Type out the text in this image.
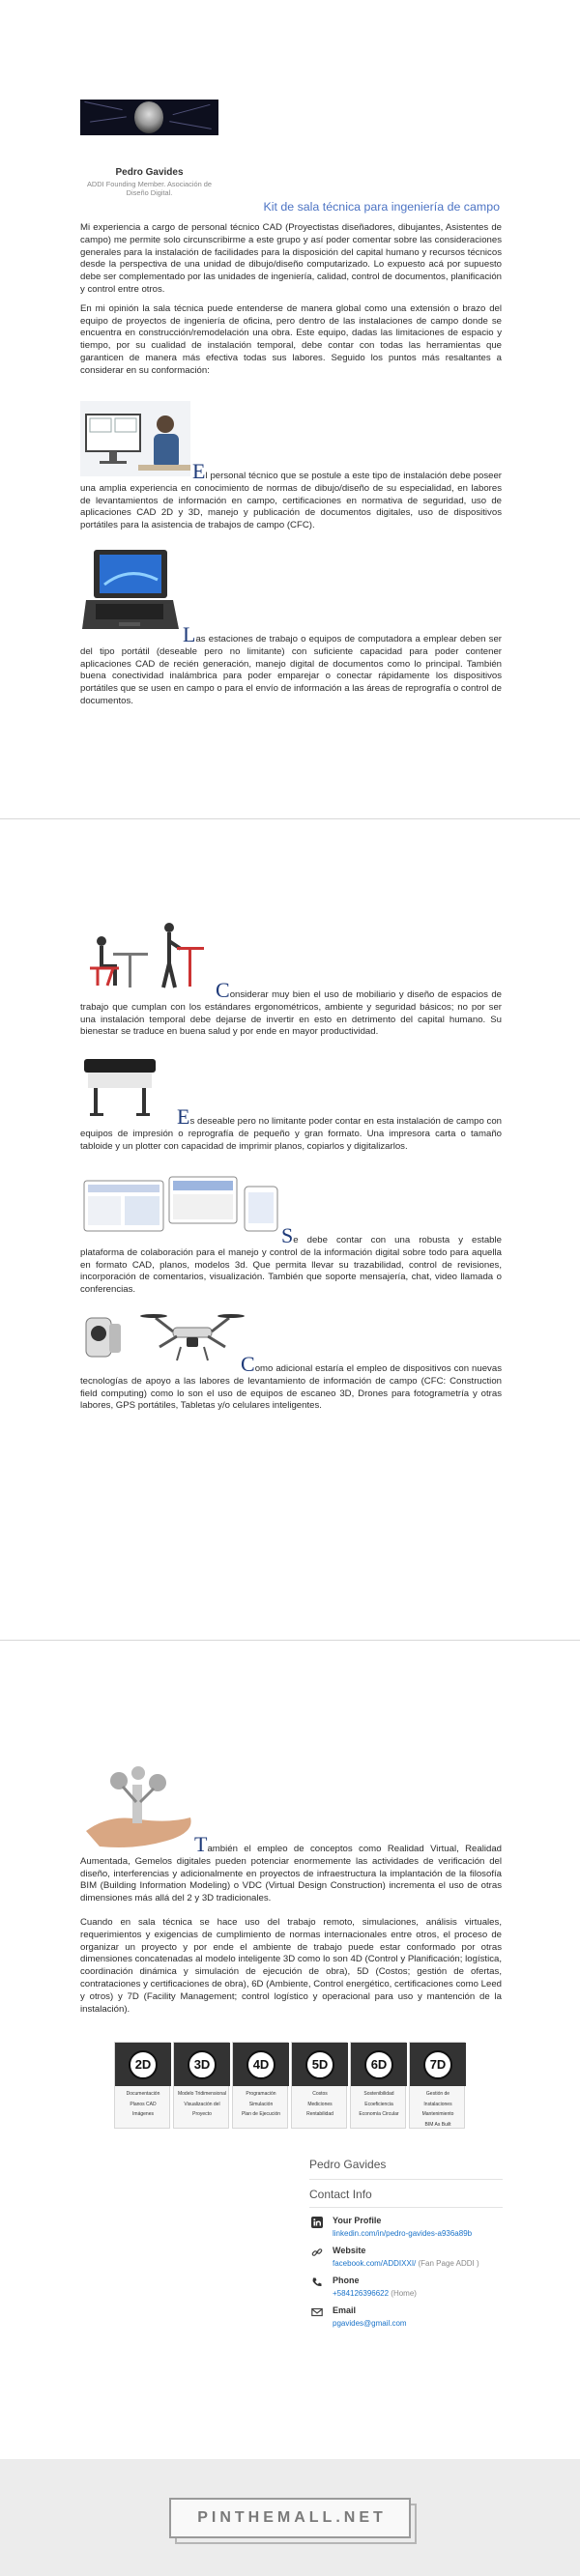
Pedro Gavides
ADDI Founding Member. Asociación de Diseño Digital.
Kit de sala técnica para ingeniería de campo

Mi experiencia a cargo de personal técnico CAD (Proyectistas diseñadores, dibujantes, Asistentes de campo) me permite solo circunscribirme a este grupo y así poder comentar sobre las consideraciones generales para la instalación de facilidades para la disposición del capital humano y recursos técnicos desde la perspectiva de una unidad de dibujo/diseño computarizado. Lo expuesto acá por supuesto debe ser complementado por las unidades de ingeniería, calidad, control de documentos, planificación y control entre otros.

En mi opinión la sala técnica puede entenderse de manera global como una extensión o brazo del equipo de proyectos de ingeniería de oficina, pero dentro de las instalaciones de campo donde se encuentra en construcción/remodelación una obra. Este equipo, dadas las limitaciones de espacio y tiempo, por su cualidad de instalación temporal, debe contar con todas las herramientas que garanticen de manera más efectiva todas sus labores. Seguido los puntos más resaltantes a considerar en su conformación:

El personal técnico que se postule a este tipo de instalación debe poseer una amplia experiencia en conocimiento de normas de dibujo/diseño de su especialidad, en labores de levantamientos de información en campo, certificaciones en normativa de seguridad, uso de aplicaciones CAD 2D y 3D, manejo y publicación de documentos digitales, uso de dispositivos portátiles para la asistencia de trabajos de campo (CFC).

Las estaciones de trabajo o equipos de computadora a emplear deben ser del tipo portátil (deseable pero no limitante) con suficiente capacidad para poder contener aplicaciones CAD de recién generación, manejo digital de documentos como lo principal. También buena conectividad inalámbrica para poder emparejar o conectar rápidamente los dispositivos portátiles que se usen en campo o para el envío de información a las áreas de reprografía o control de documentos.

Considerar muy bien el uso de mobiliario y diseño de espacios de trabajo que cumplan con los estándares ergonométricos, ambiente y seguridad básicos; no por ser una instalación temporal debe dejarse de invertir en esto en detrimento del capital humano. Su bienestar se traduce en buena salud y por ende en mayor productividad.

Es deseable pero no limitante poder contar en esta instalación de campo con equipos de impresión o reprografía de pequeño y gran formato. Una impresora carta o tamaño tabloide y un plotter con capacidad de imprimir planos, copiarlos y digitalizarlos.

Se debe contar con una robusta y estable plataforma de colaboración para el manejo y control de la información digital sobre todo para aquella en formato CAD, planos, modelos 3d. Que permita llevar su trazabilidad, control de revisiones, incorporación de comentarios, visualización. También que soporte mensajería, chat, video llamada o conferencias.

Como adicional estaría el empleo de dispositivos con nuevas tecnologías de apoyo a las labores de levantamiento de información de campo (CFC: Construction field computing) como lo son el uso de equipos de escaneo 3D, Drones para fotogrametría y otras labores, GPS portátiles, Tabletas y/o celulares inteligentes.

También el empleo de conceptos como Realidad Virtual, Realidad Aumentada, Gemelos digitales pueden potenciar enormemente las actividades de verificación del diseño, interferencias y adicionalmente en proyectos de infraestructura la implantación de la filosofía BIM (Building Information Modeling) o VDC (Virtual Design Construction) incrementa el uso de otras dimensiones más allá del 2 y 3D tradicionales.

Cuando en sala técnica se hace uso del trabajo remoto, simulaciones, análisis virtuales, requerimientos y exigencias de cumplimiento de normas internacionales entre otros, el proceso de organizar un proyecto y por ende el ambiente de trabajo puede estar conformado por otras dimensiones concatenadas al modelo inteligente 3D como lo son 4D (Control y Planificación; logística, coordinación dinámica y simulación de ejecución de obra), 5D (Costos; gestión de ofertas, contrataciones y certificaciones de obra), 6D (Ambiente, Control energético, certificaciones como Leed y otros) y 7D (Facility Management; control logístico y operacional para uso y mantención de la instalación).

2D
Documentación
Planos CAD
Imágenes
3D
Modelo Tridimensional
Visualización del
Proyecto
4D
Programación
Simulación
Plan de Ejecución
5D
Costos
Mediciones
Rentabilidad
6D
Sostenibilidad
Ecoeficiencia
Economía Circular
7D
Gestión de Instalaciones
Mantenimiento
BIM As Built
Pedro Gavides
Contact Info
Your Profile
linkedin.com/in/pedro-gavides-a936a89b
Website
facebook.com/ADDIXXI/ (Fan Page ADDI )
Phone
+584126396622 (Home)
Email
pgavides@gmail.com
PINTHEMALL.NET
